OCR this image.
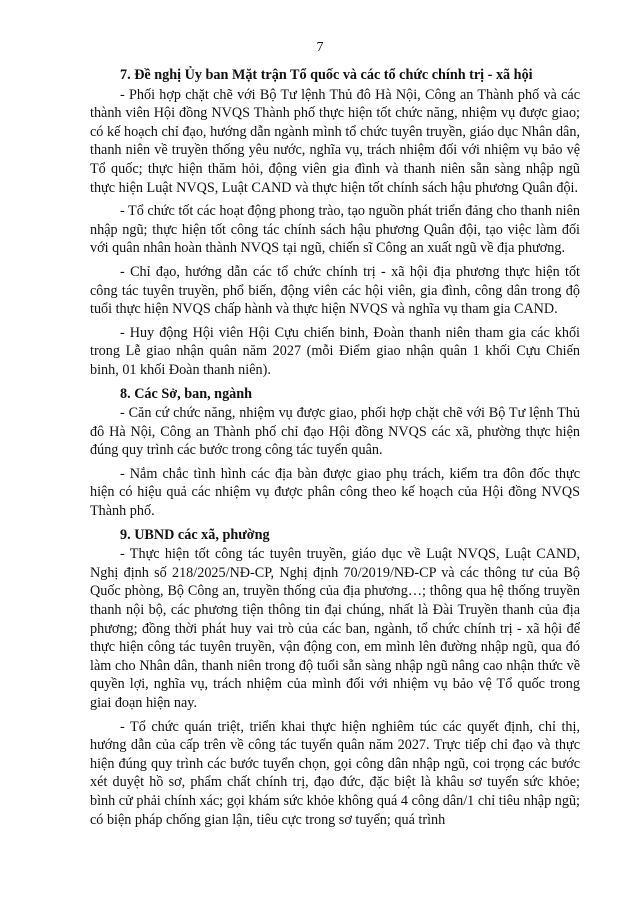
7
7. Đề nghị Ủy ban Mặt trận Tổ quốc và các tổ chức chính trị - xã hội

- Phối hợp chặt chẽ với Bộ Tư lệnh Thủ đô Hà Nội, Công an Thành phố và các thành viên Hội đồng NVQS Thành phố thực hiện tốt chức năng, nhiệm vụ được giao; có kế hoạch chỉ đạo, hướng dẫn ngành mình tổ chức tuyên truyền, giáo dục Nhân dân, thanh niên về truyền thống yêu nước, nghĩa vụ, trách nhiệm đối với nhiệm vụ bảo vệ Tổ quốc; thực hiện thăm hỏi, động viên gia đình và thanh niên sẵn sàng nhập ngũ thực hiện Luật NVQS, Luật CAND và thực hiện tốt chính sách hậu phương Quân đội.

- Tổ chức tốt các hoạt động phong trào, tạo nguồn phát triển đảng cho thanh niên nhập ngũ; thực hiện tốt công tác chính sách hậu phương Quân đội, tạo việc làm đối với quân nhân hoàn thành NVQS tại ngũ, chiến sĩ Công an xuất ngũ về địa phương.

- Chỉ đạo, hướng dẫn các tổ chức chính trị - xã hội địa phương thực hiện tốt công tác tuyên truyền, phổ biến, động viên các hội viên, gia đình, công dân trong độ tuổi thực hiện NVQS chấp hành và thực hiện NVQS và nghĩa vụ tham gia CAND.

- Huy động Hội viên Hội Cựu chiến binh, Đoàn thanh niên tham gia các khối trong Lễ giao nhận quân năm 2027 (mỗi Điểm giao nhận quân 1 khối Cựu Chiến binh, 01 khối Đoàn thanh niên).

8. Các Sở, ban, ngành

- Căn cứ chức năng, nhiệm vụ được giao, phối hợp chặt chẽ với Bộ Tư lệnh Thủ đô Hà Nội, Công an Thành phố chỉ đạo Hội đồng NVQS các xã, phường thực hiện đúng quy trình các bước trong công tác tuyển quân.

- Nắm chắc tình hình các địa bàn được giao phụ trách, kiểm tra đôn đốc thực hiện có hiệu quả các nhiệm vụ được phân công theo kế hoạch của Hội đồng NVQS Thành phố.

9. UBND các xã, phường

- Thực hiện tốt công tác tuyên truyền, giáo dục về Luật NVQS, Luật CAND, Nghị định số 218/2025/NĐ-CP, Nghị định 70/2019/NĐ-CP và các thông tư của Bộ Quốc phòng, Bộ Công an, truyền thống của địa phương…; thông qua hệ thống truyền thanh nội bộ, các phương tiện thông tin đại chúng, nhất là Đài Truyền thanh của địa phương; đồng thời phát huy vai trò của các ban, ngành, tổ chức chính trị - xã hội để thực hiện công tác tuyên truyền, vận động con, em mình lên đường nhập ngũ, qua đó làm cho Nhân dân, thanh niên trong độ tuổi sẵn sàng nhập ngũ nâng cao nhận thức về quyền lợi, nghĩa vụ, trách nhiệm của mình đối với nhiệm vụ bảo vệ Tổ quốc trong giai đoạn hiện nay.

- Tổ chức quán triệt, triển khai thực hiện nghiêm túc các quyết định, chỉ thị, hướng dẫn của cấp trên về công tác tuyển quân năm 2027. Trực tiếp chỉ đạo và thực hiện đúng quy trình các bước tuyển chọn, gọi công dân nhập ngũ, coi trọng các bước xét duyệt hồ sơ, phẩm chất chính trị, đạo đức, đặc biệt là khâu sơ tuyển sức khỏe; bình cử phải chính xác; gọi khám sức khỏe không quá 4 công dân/1 chỉ tiêu nhập ngũ; có biện pháp chống gian lận, tiêu cực trong sơ tuyển; quá trình
